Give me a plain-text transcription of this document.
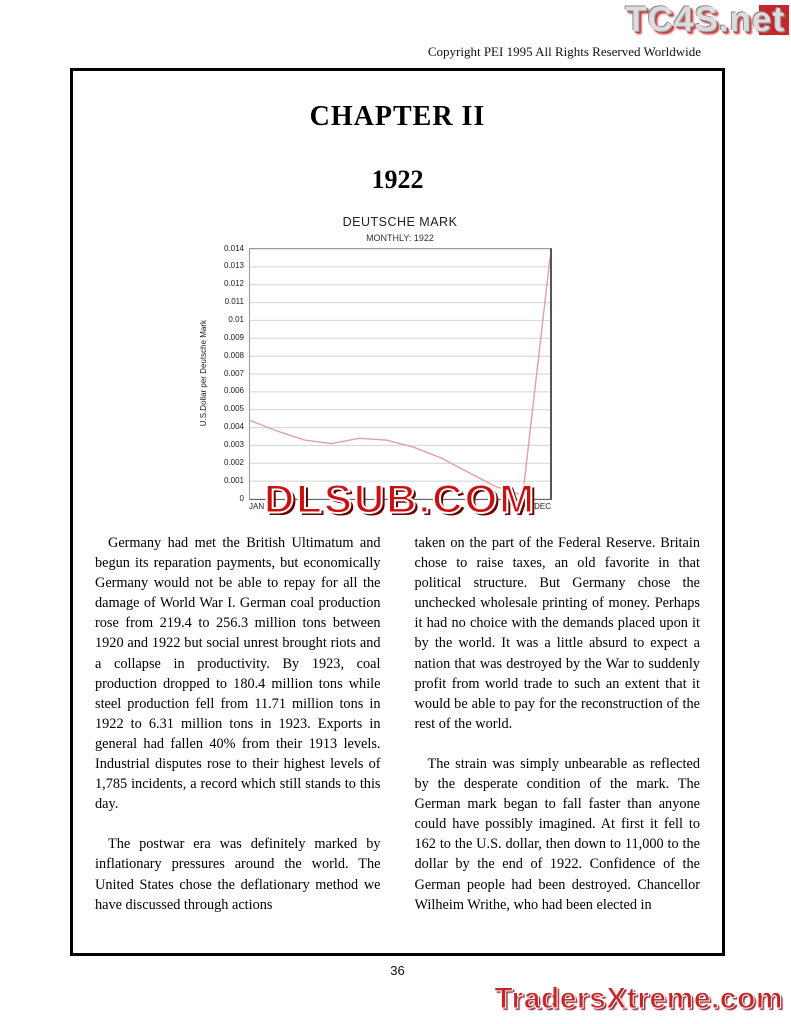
TC4S.net
Copyright PEI 1995 All Rights Reserved Worldwide
CHAPTER II
1922
DEUTSCHE MARK
MONTHLY: 1922
U.S.Dollar per Deutsche Mark
0.014
0.013
0.012
0.011
0.01
0.009
0.008
0.007
0.006
0.005
0.004
0.003
0.002
0.001
0
JAN	DEC
DLSUB.COM

Germany had met the British Ultimatum and begun its reparation payments, but economically Germany would not be able to repay for all the damage of World War I. German coal production rose from 219.4 to 256.3 million tons between 1920 and 1922 but social unrest brought riots and a collapse in productivity. By 1923, coal production dropped to 180.4 million tons while steel production fell from 11.71 million tons in 1922 to 6.31 million tons in 1923. Exports in general had fallen 40% from their 1913 levels. Industrial disputes rose to their highest levels of 1,785 incidents, a record which still stands to this day.

The postwar era was definitely marked by inflationary pressures around the world. The United States chose the deflationary method we have discussed through actions

taken on the part of the Federal Reserve. Britain chose to raise taxes, an old favorite in that political structure. But Germany chose the unchecked wholesale printing of money. Perhaps it had no choice with the demands placed upon it by the world. It was a little absurd to expect a nation that was destroyed by the War to suddenly profit from world trade to such an extent that it would be able to pay for the reconstruction of the rest of the world.

The strain was simply unbearable as reflected by the desperate condition of the mark. The German mark began to fall faster than anyone could have possibly imagined. At first it fell to 162 to the U.S. dollar, then down to 11,000 to the dollar by the end of 1922. Confidence of the German people had been destroyed. Chancellor Wilheim Writhe, who had been elected in

36
TradersXtreme.com
